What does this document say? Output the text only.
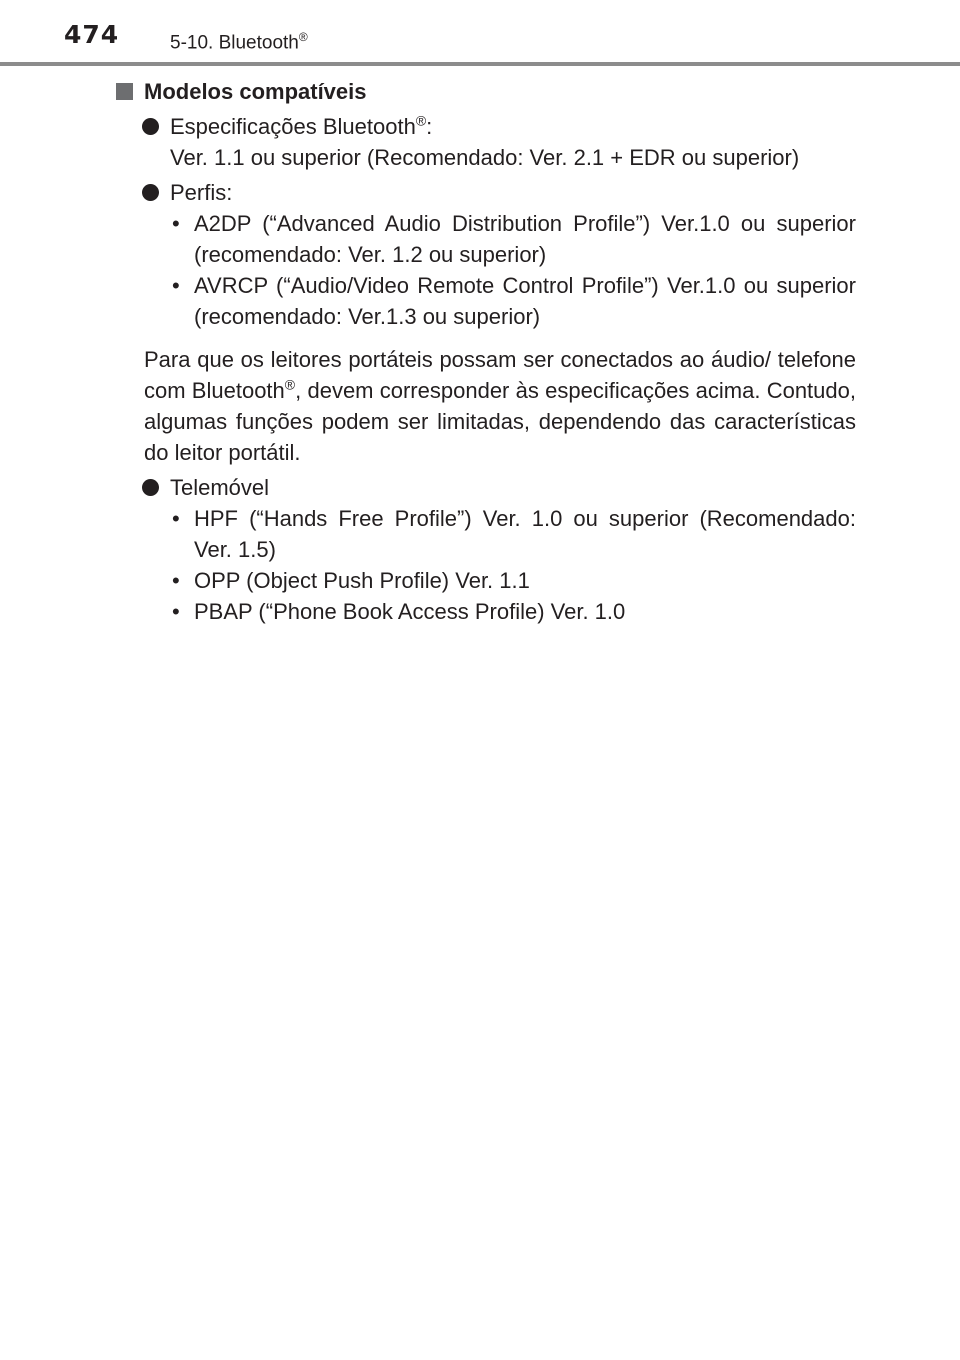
474	5-10. Bluetooth®
Modelos compatíveis
Especificações Bluetooth®:
Ver. 1.1 ou superior (Recomendado: Ver. 2.1 + EDR ou superior)
Perfis:
• A2DP (“Advanced Audio Distribution Profile”) Ver.1.0 ou superior (recomendado: Ver. 1.2 ou superior)
• AVRCP (“Audio/Video Remote Control Profile”) Ver.1.0 ou superior (recomendado: Ver.1.3 ou superior)
Para que os leitores portáteis possam ser conectados ao áudio/ telefone com Bluetooth®, devem corresponder às especificações acima. Contudo, algumas funções podem ser limitadas, dependendo das características do leitor portátil.
Telemóvel
• HPF (“Hands Free Profile”) Ver. 1.0 ou superior (Recomendado: Ver. 1.5)
• OPP (Object Push Profile) Ver. 1.1
• PBAP (“Phone Book Access Profile) Ver. 1.0
